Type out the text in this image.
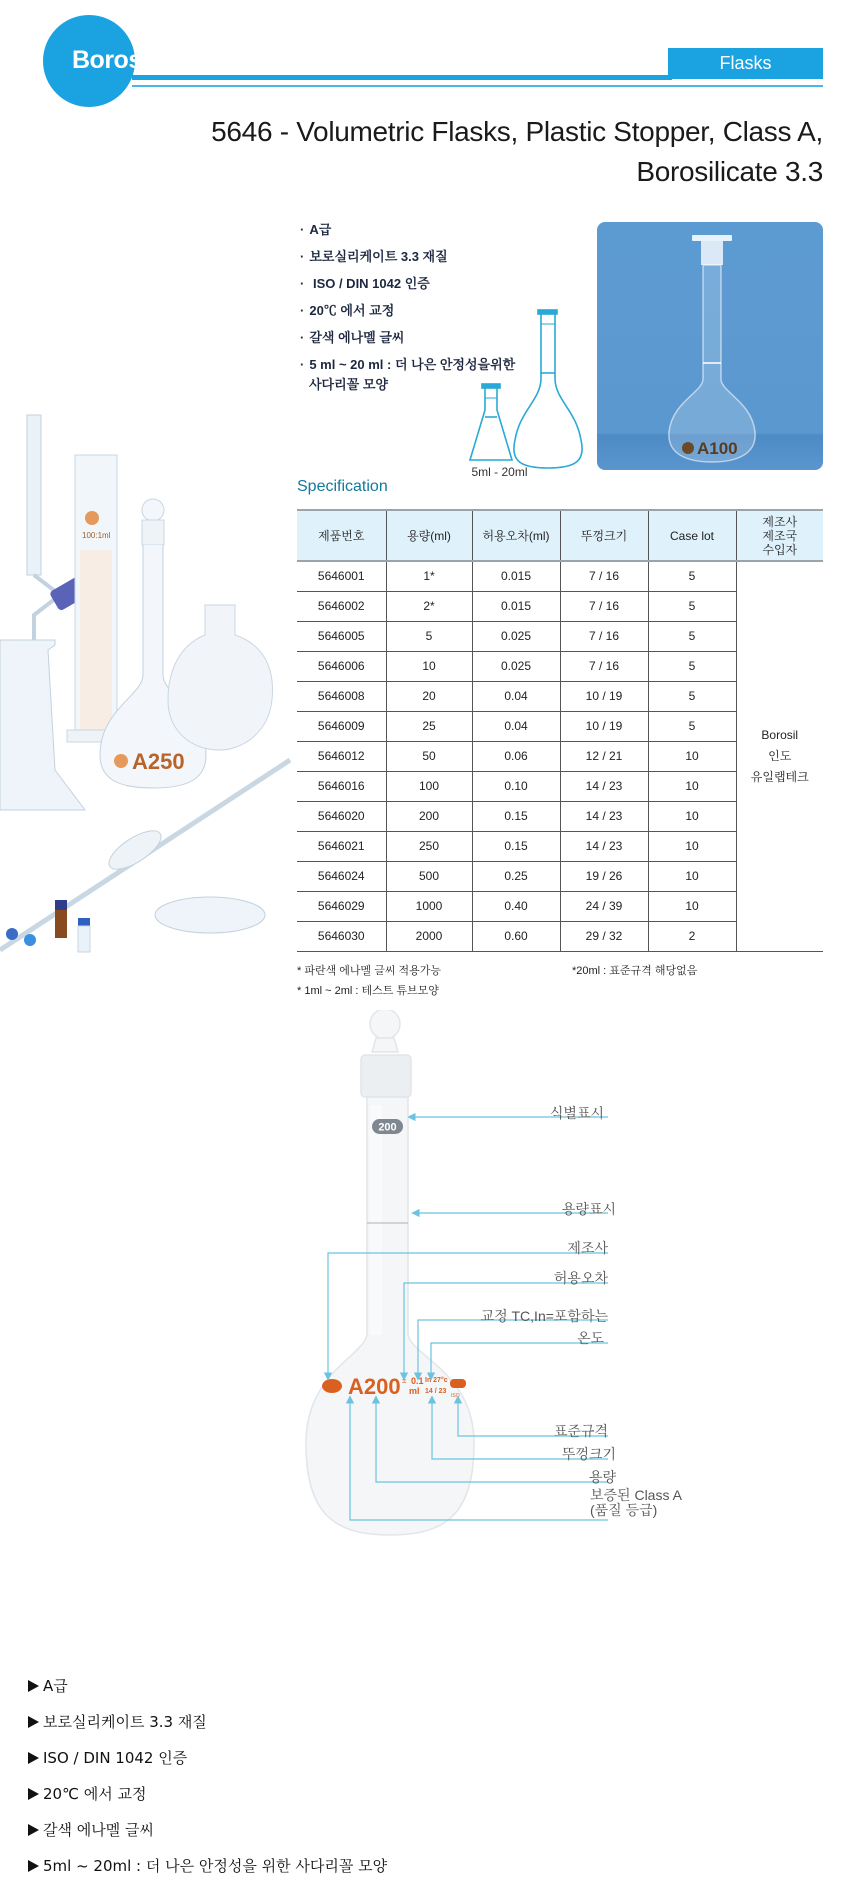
Borosil	Flasks
5646 - Volumetric Flasks, Plastic Stopper, Class A,
Borosilicate 3.3
· A급
· 보로실리케이트 3.3 재질
· ISO / DIN 1042 인증
· 20℃ 에서 교정
· 갈색 에나멜 글씨
· 5 ml ~ 20 ml : 더 나은 안정성을위한
사다리꼴 모양
5ml - 20ml
A100
100:1ml
A250
Specification
제품번호	용량(ml)	허용오차(ml)	뚜껑크기	Case lot	제조사
제조국
수입자

5646001	1*	0.015	7 / 16	5	Borosil
인도
유일랩테크

5646002	2*	0.015	7 / 16	5	
5646005	5	0.025	7 / 16	5	
5646006	10	0.025	7 / 16	5	
5646008	20	0.04	10 / 19	5	
5646009	25	0.04	10 / 19	5	
5646012	50	0.06	12 / 21	10	
5646016	100	0.10	14 / 23	10	
5646020	200	0.15	14 / 23	10	
5646021	250	0.15	14 / 23	10	
5646024	500	0.25	19 / 26	10	
5646029	1000	0.40	24 / 39	10	
5646030	2000	0.60	29 / 32	2	
* 파란색 에나멜 글씨 적용가능
* 1ml ~ 2ml : 테스트 튜브모양
*20ml : 표준규격 해당없음
200
A200 ± 0.1
ml
In 27°c
14 / 23
ISO
식별표시
용량표시
제조사
허용오차
교정 TC,In=포함하는
온도
표준규격
뚜껑크기
용량
보증된 Class A
(품질 등급)
A급
보로실리케이트 3.3 재질
ISO / DIN 1042 인증
20℃ 에서 교정
갈색 에나멜 글씨
5ml ~ 20ml : 더 나은 안정성을 위한 사다리꼴 모양
